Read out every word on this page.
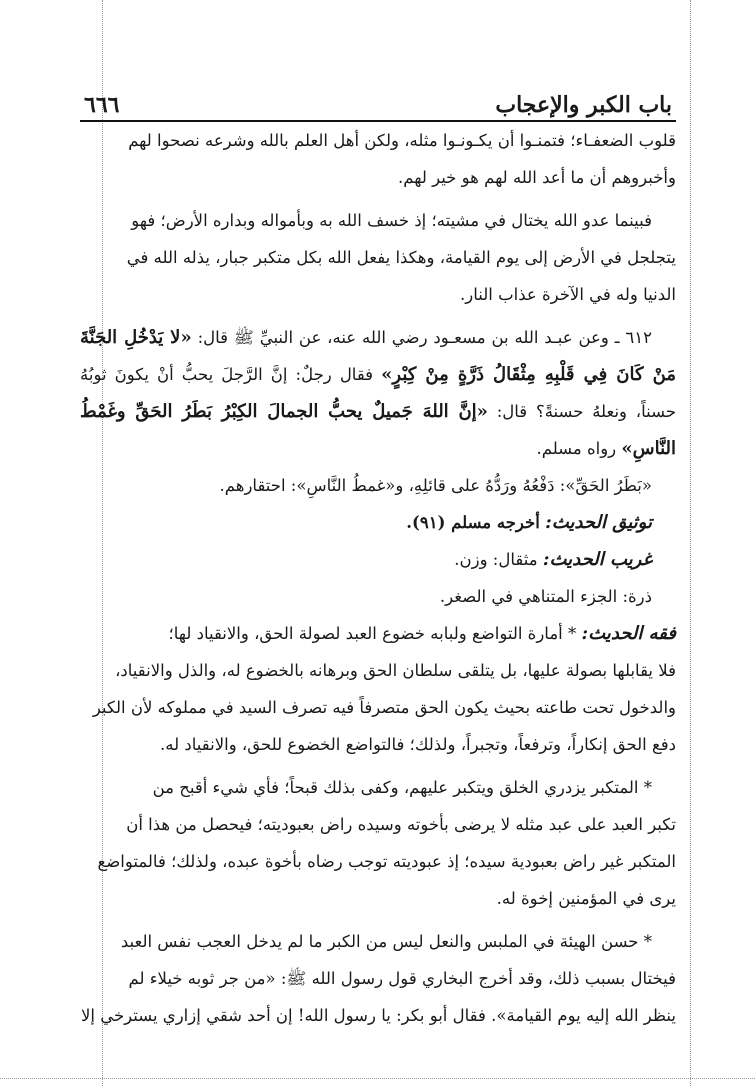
باب الكبر والإعجاب
٦٦٦

قلوب الضعفـاء؛ فتمنـوا أن يكـونـوا مثله، ولكن أهل العلم بالله وشرعه نصحوا لهم

وأخبروهم أن ما أعد الله لهم هو خير لهم.

فبينما عدو الله يختال في مشيته؛ إذ خسف الله به وبأمواله وبداره الأرض؛ فهو

يتجلجل في الأرض إلى يوم القيامة، وهكذا يفعل الله بكل متكبر جبار، يذله الله في

الدنيا وله في الآخرة عذاب النار.

٦١٢ ـ وعن عبـد الله بن مسعـود رضي الله عنه، عن النبيِّ ﷺ قال: «لا يَدْخُلِ الجَنَّةَ مَنْ كَانَ فِي قَلْبِهِ مِثْقَالُ ذَرَّةٍ مِنْ كِبْرٍ» فقال رجلٌ: إنَّ الرَّجلَ يحبُّ أنْ يكونَ ثوبُهُ حسناً، ونعلهُ حسنةً؟ قال: «إنَّ اللهَ جَميلٌ يحبُّ الجمالَ الكِبْرُ بَطَرُ الحَقِّ وغَمْطُ النَّاسِ» رواه مسلم.

«بَطَرُ الحَقِّ»: دَفْعُهُ ورَدُّهُ على قائلِهِ، و«غمطُ النَّاسِ»: احتقارهم.

توثيق الحديث: أخرجه مسلم (٩١).

غريب الحديث: مثقال: وزن.

ذرة: الجزء المتناهي في الصغر.

فقه الحديث: * أمارة التواضع ولبابه خضوع العبد لصولة الحق، والانقياد لها؛

فلا يقابلها بصولة عليها، بل يتلقى سلطان الحق وبرهانه بالخضوع له، والذل والانقياد،

والدخول تحت طاعته بحيث يكون الحق متصرفاً فيه تصرف السيد في مملوكه لأن الكبر

دفع الحق إنكاراً، وترفعاً، وتجبراً، ولذلك؛ فالتواضع الخضوع للحق، والانقياد له.

* المتكبر يزدري الخلق ويتكبر عليهم، وكفى بذلك قبحاً؛ فأي شيء أقبح من

تكبر العبد على عبد مثله لا يرضى بأخوته وسيده راض بعبوديته؛ فيحصل من هذا أن

المتكبر غير راض بعبودية سيده؛ إذ عبوديته توجب رضاه بأخوة عبده، ولذلك؛ فالمتواضع

يرى في المؤمنين إخوة له.

* حسن الهيئة في الملبس والنعل ليس من الكبر ما لم يدخل العجب نفس العبد

فيختال بسبب ذلك، وقد أخرج البخاري قول رسول الله ﷺ: «من جر ثوبه خيلاء لم

ينظر الله إليه يوم القيامة». فقال أبو بكر: يا رسول الله! إن أحد شقي إزاري يسترخي إلا
